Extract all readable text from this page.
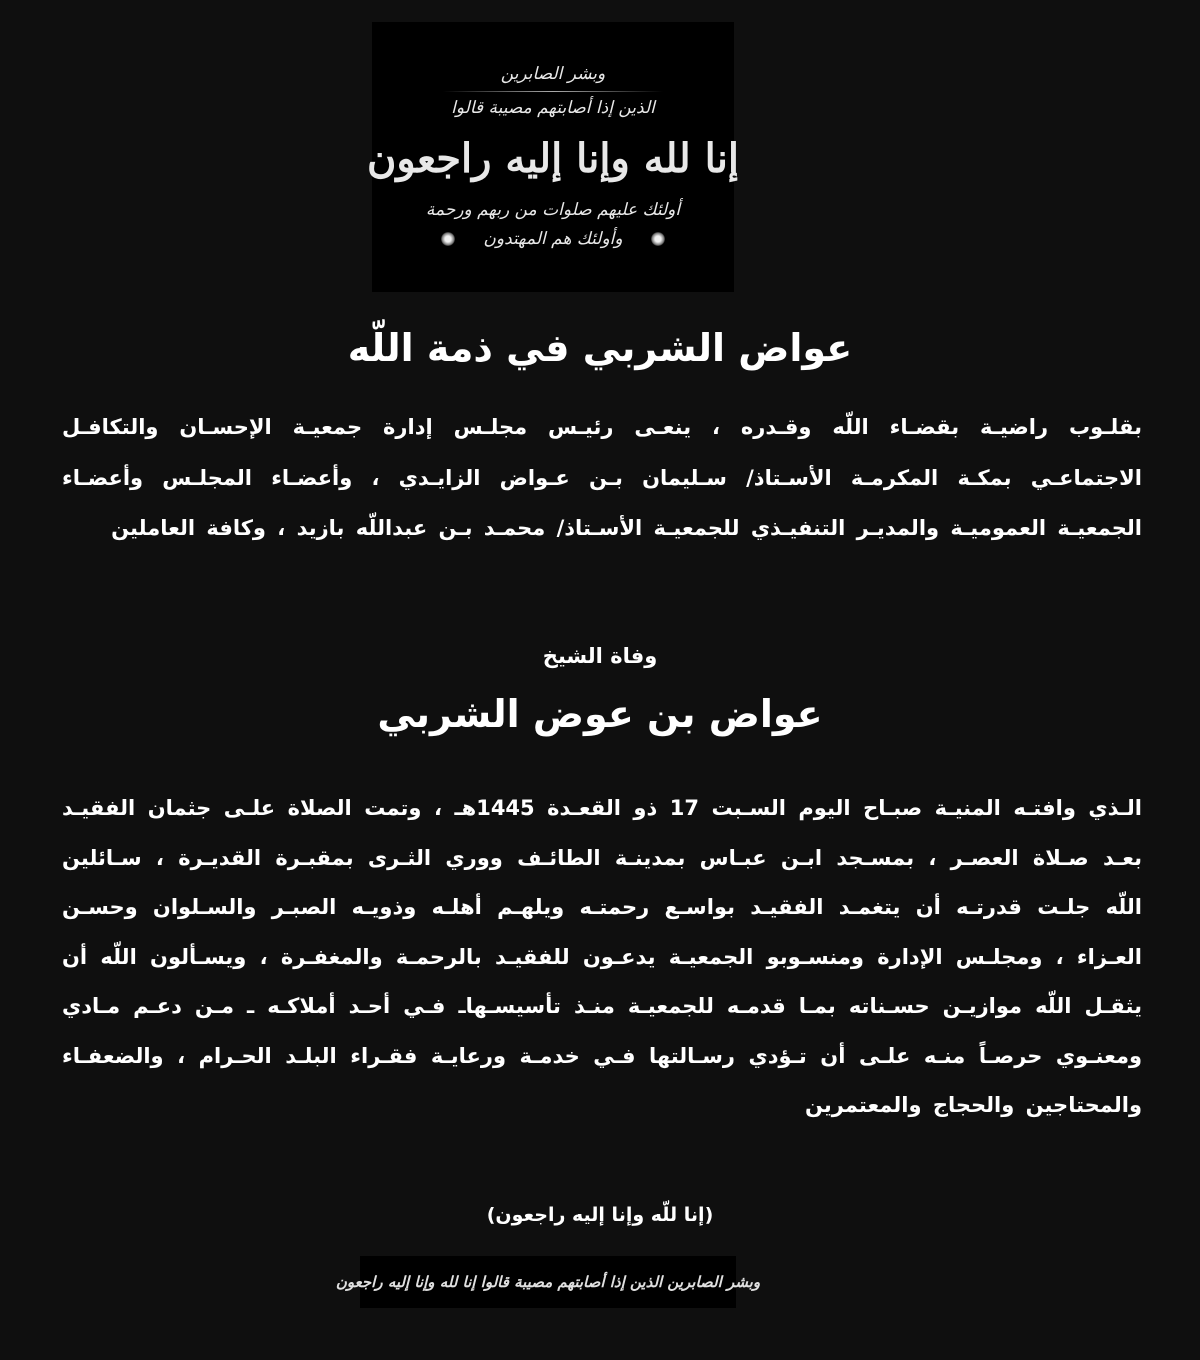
وبشر الصابرين
الذين إذا أصابتهم مصيبة قالوا
إنا لله وإنا إليه راجعون
أولئك عليهم صلوات من ربهم ورحمة
وأولئك هم المهتدون
عواض الشربي في ذمة اللّه

بقلـوب راضيـة بقضـاء اللّه وقـدره ، ينعـى رئيـس مجلـس إدارة جمعيـة الإحسـان والتكافـل الاجتماعـي بمكـة المكرمـة الأسـتاذ/ سـليمان بـن عـواض الزايـدي ، وأعضـاء المجلـس وأعضـاء الجمعيـة العموميـة والمديـر التنفيـذي للجمعيـة الأسـتاذ/ محمـد بـن عبداللّه بازيد ، وكافة العاملين

وفاة الشيخ
عواض بن عوض الشربي

الـذي وافتـه المنيـة صبـاح اليوم السـبت 17 ذو القعـدة 1445هـ ، وتمت الصلاة علـى جثمان الفقيـد بعـد صـلاة العصـر ، بمسـجد ابـن عبـاس بمدينـة الطائـف ووري الثـرى بمقبـرة القديـرة ، سـائلين اللّه جلـت قدرتـه أن يتغمـد الفقيـد بواسـع رحمتـه ويلهـم أهلـه وذويـه الصبـر والسـلوان وحسـن العـزاء ، ومجلـس الإدارة ومنسـوبو الجمعيـة يدعـون للفقيـد بالرحمـة والمغفـرة ، ويسـألون اللّه أن يثقـل اللّه موازيـن حسـناته بمـا قدمـه للجمعيـة منـذ تأسيسـهاـ فـي أحـد أملاكـه ـ مـن دعـم مـادي ومعنـوي حرصـاً منـه علـى أن تـؤدي رسـالتها فـي خدمـة ورعايـة فقـراء البلـد الحـرام ، والضعفـاء والمحتاجين والحجاج والمعتمرين

(إنا للّه وإنا إليه راجعون)

وبشر الصابرين الذين إذا أصابتهم مصيبة قالوا إنا لله وإنا إليه راجعون
